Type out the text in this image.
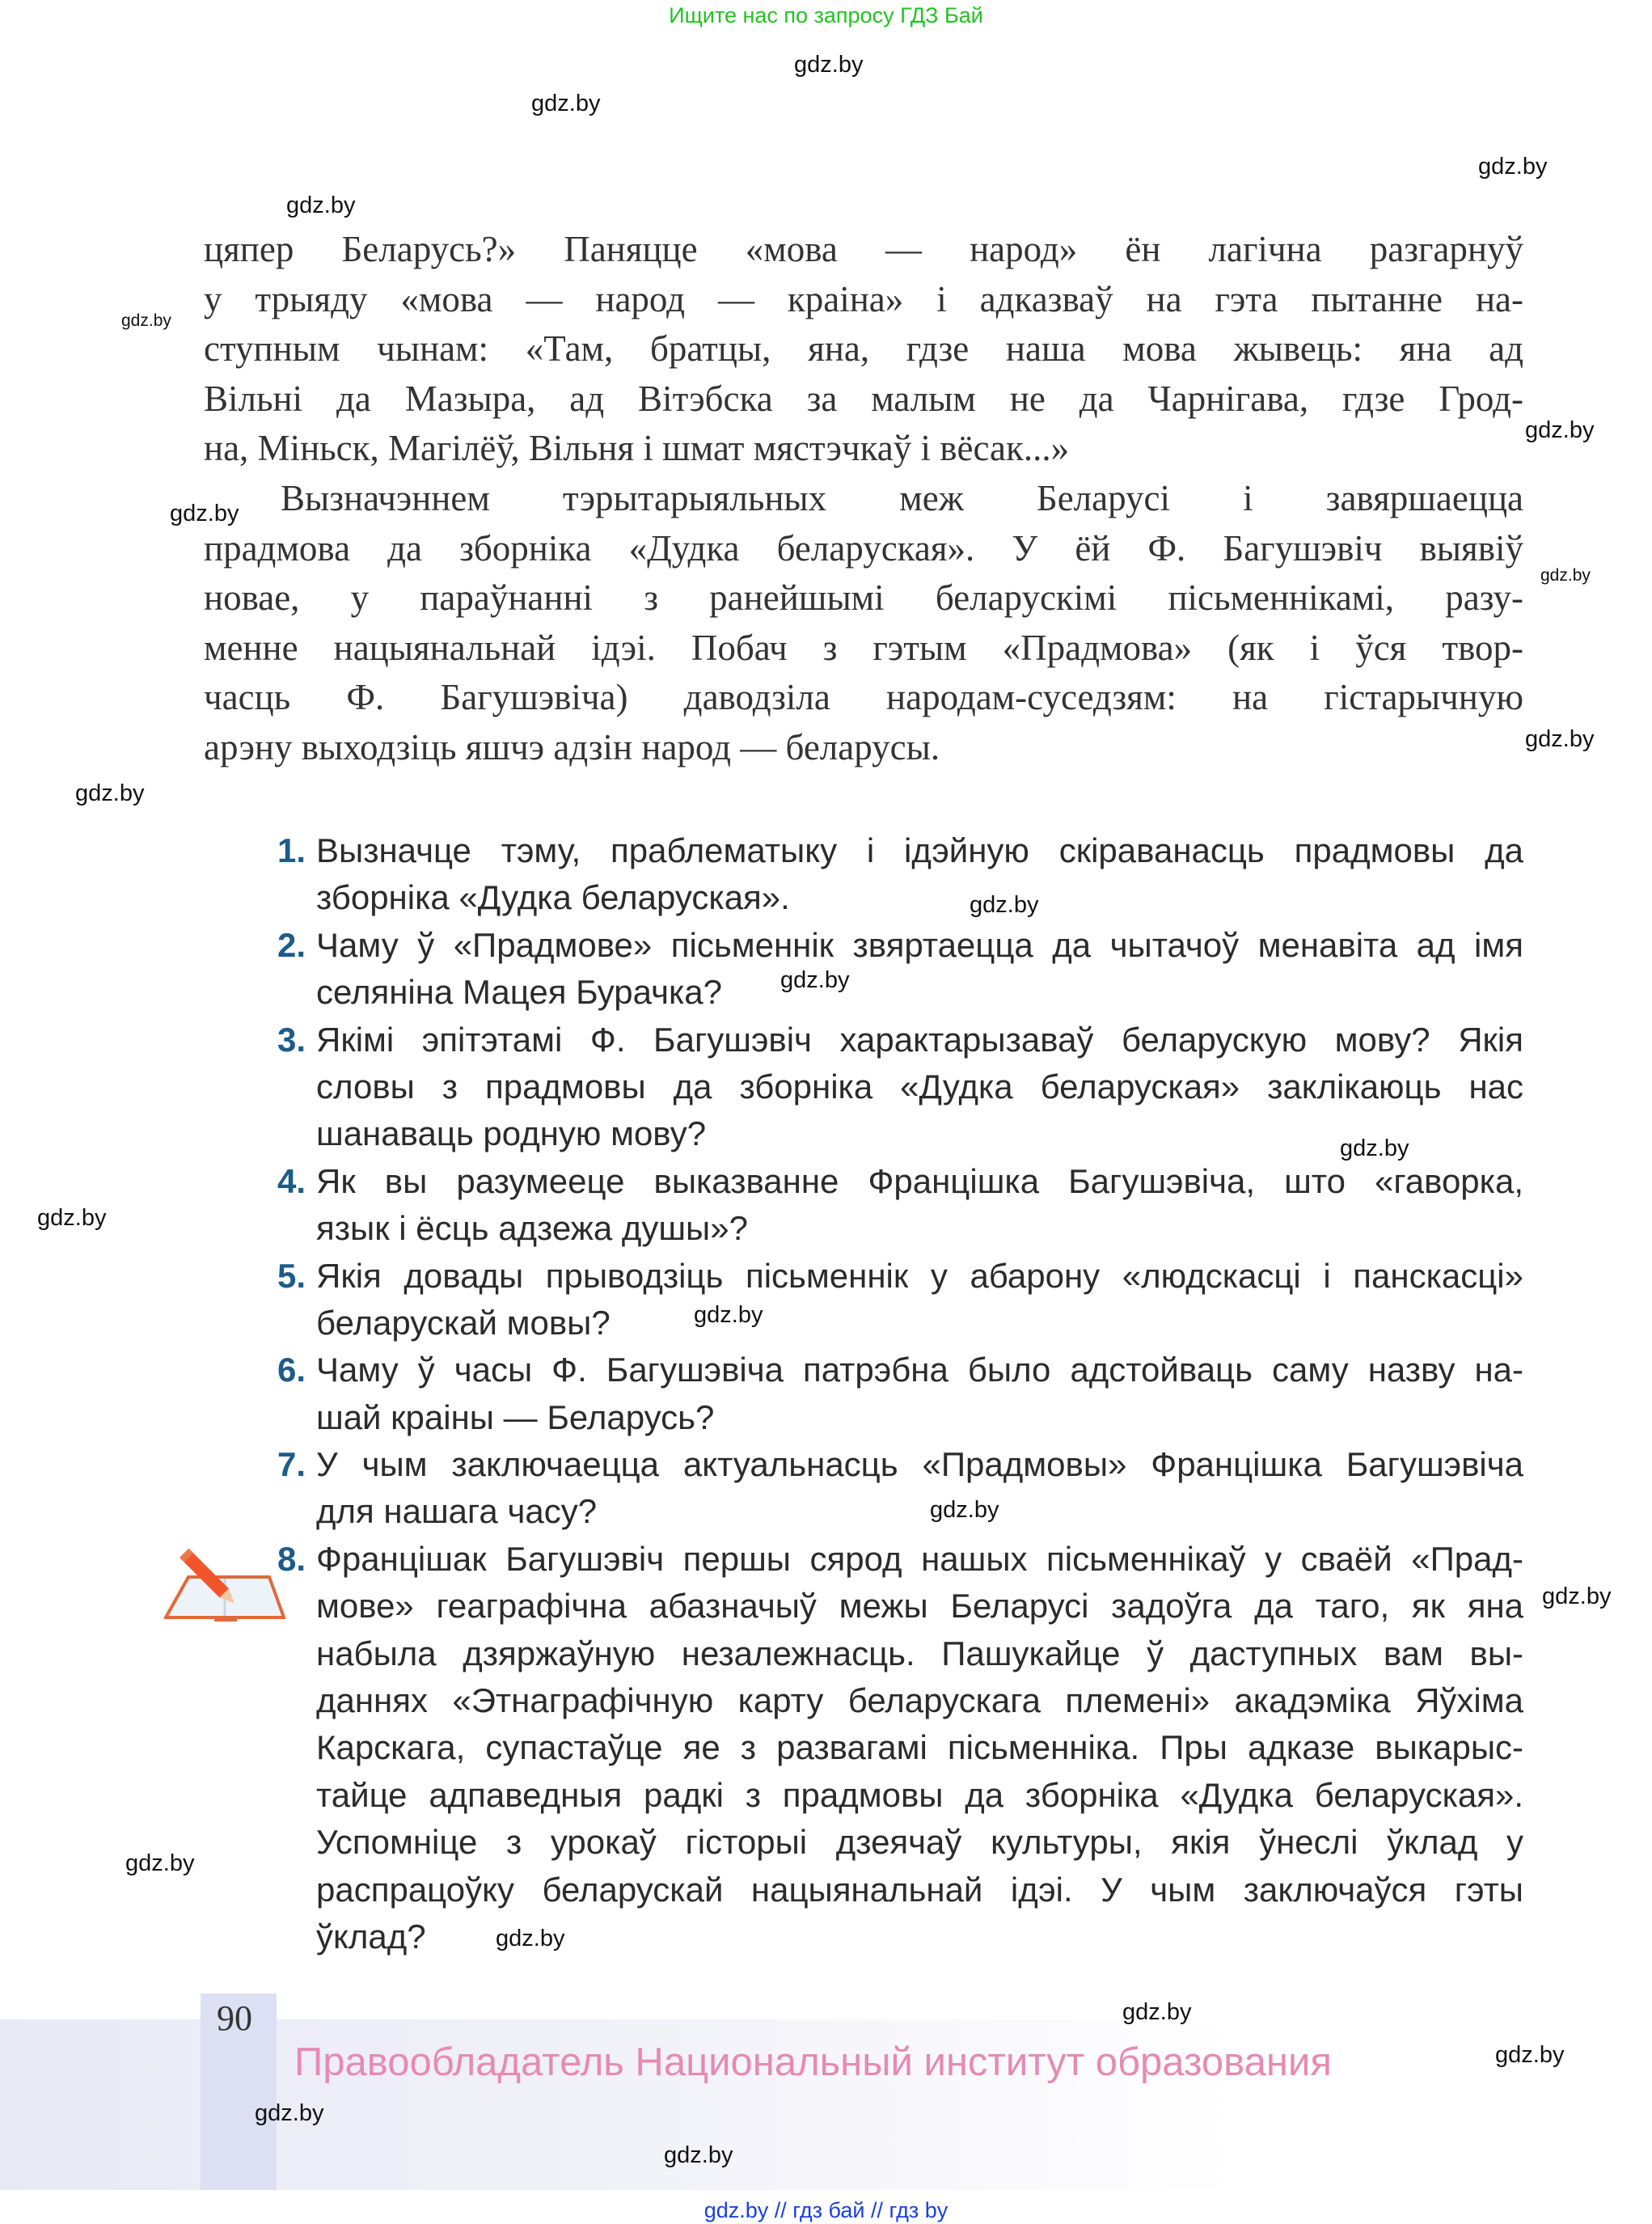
Ищите нас по запросу ГДЗ Бай
цяпер Беларусь?» Паняцце «мова — народ» ён лагічна разгарнуў
у трыяду «мова — народ — краіна» і адказваў на гэта пытанне на-
ступным чынам: «Там, братцы, яна, гдзе наша мова жывець: яна ад
Вільні да Мазыра, ад Вітэбска за малым не да Чарнігава, гдзе Грод-
на, Міньск, Магілёў, Вільня і шмат мястэчкаў і вёсак...»
Вызначэннем тэрытарыяльных меж Беларусі і завяршаецца
прадмова да зборніка «Дудка беларуская». У ёй Ф. Багушэвіч выявіў
новае, у параўнанні з ранейшымі беларускімі пісьменнікамі, разу-
менне нацыянальнай ідэі. Побач з гэтым «Прадмова» (як і ўся твор-
часць Ф. Багушэвіча) даводзіла народам-суседзям: на гістарычную
арэну выходзіць яшчэ адзін народ — беларусы.
1. Вызначце тэму, праблематыку і ідэйную скіраванасць прадмовы да
зборніка «Дудка беларуская».
2. Чаму ў «Прадмове» пісьменнік звяртаецца да чытачоў менавіта ад імя
селяніна Мацея Бурачка?
3. Якімі эпітэтамі Ф. Багушэвіч характарызаваў беларускую мову? Якія
словы з прадмовы да зборніка «Дудка беларуская» заклікаюць нас
шанаваць родную мову?
4. Як вы разумееце выказванне Францішка Багушэвіча, што «гаворка,
язык і ёсць адзежа душы»?
5. Якія довады прыводзіць пісьменнік у абарону «людскасці і панскасці»
беларускай мовы?
6. Чаму ў часы Ф. Багушэвіча патрэбна было адстойваць саму назву на-
шай краіны — Беларусь?
7. У чым заключаецца актуальнасць «Прадмовы» Францішка Багушэвіча
для нашага часу?
8. Францішак Багушэвіч першы сярод нашых пісьменнікаў у сваёй «Прад-
мове» геаграфічна абазначыў межы Беларусі задоўга да таго, як яна
набыла дзяржаўную незалежнасць. Пашукайце ў даступных вам вы-
даннях «Этнаграфічную карту беларускага племені» акадэміка Яўхіма
Карскага, супастаўце яе з развагамі пісьменніка. Пры адказе выкарыс-
тайце адпаведныя радкі з прадмовы да зборніка «Дудка беларуская».
Успомніце з урокаў гісторыі дзеячаў культуры, якія ўнеслі ўклад у
распрацоўку беларускай нацыянальнай ідэі. У чым заключаўся гэты
ўклад?
90
Правообладатель Национальный институт образования
gdz.by // гдз бай // гдз by
gdz.by
gdz.by
gdz.by
gdz.by
gdz.by
gdz.by
gdz.by
gdz.by
gdz.by
gdz.by
gdz.by
gdz.by
gdz.by
gdz.by
gdz.by
gdz.by
gdz.by
gdz.by
gdz.by
gdz.by
gdz.by
gdz.by
gdz.by
